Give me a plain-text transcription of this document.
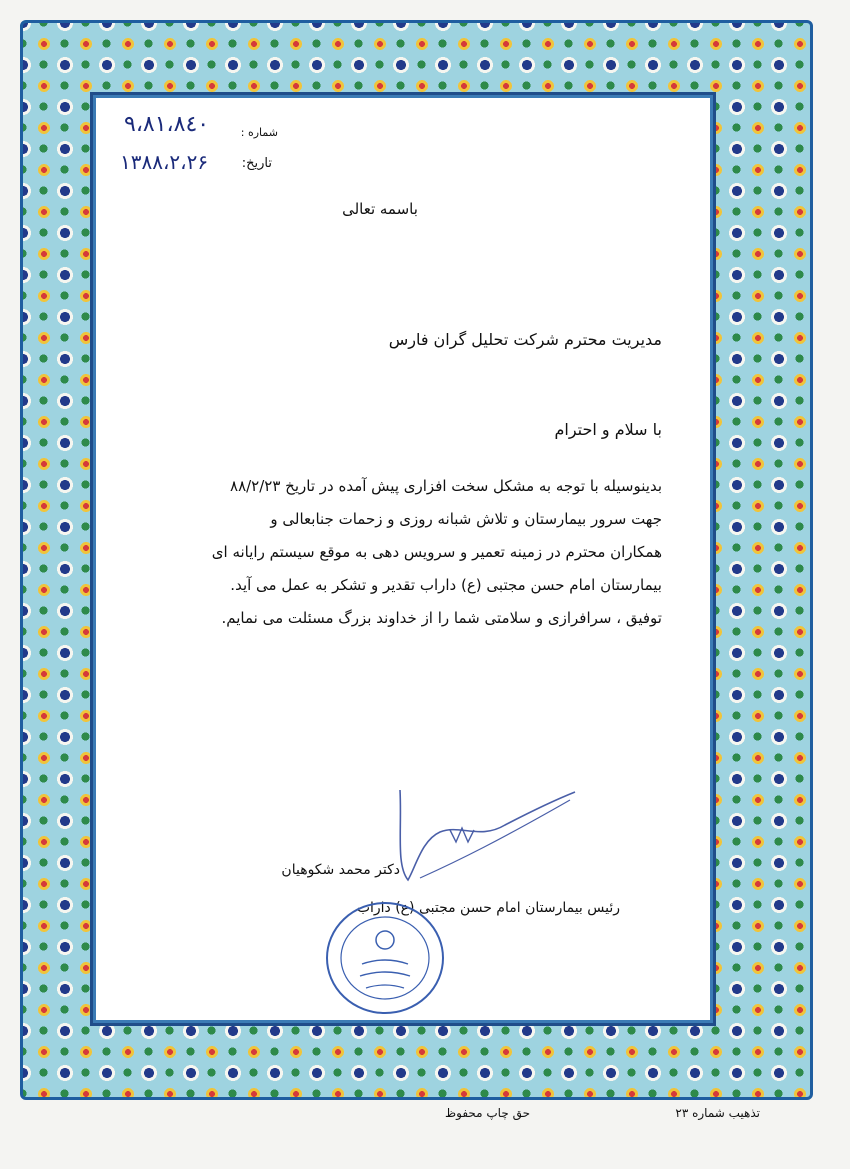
شماره :
۹،۸۱،۸٤۰
تاریخ:
۱۳۸۸،۲،۲۶
باسمه تعالی
مدیریت محترم شرکت تحلیل گران فارس
با سلام و احترام
بدینوسیله با توجه به مشکل سخت افزاری پیش آمده در تاریخ ۸۸/۲/۲۳
جهت سرور بیمارستان و تلاش شبانه روزی و زحمات جنابعالی و
همکاران محترم در زمینه تعمیر و سرویس دهی به موقع سیستم رایانه ای
بیمارستان امام حسن مجتبی (ع) داراب تقدیر و تشکر به عمل می آید.
توفیق ، سرافرازی و سلامتی شما را از خداوند بزرگ مسئلت می نمایم.
دکتر محمد شکوهیان
رئیس بیمارستان امام حسن مجتبی (ع) داراب
تذهیب شماره ۲۳
حق چاپ محفوظ
